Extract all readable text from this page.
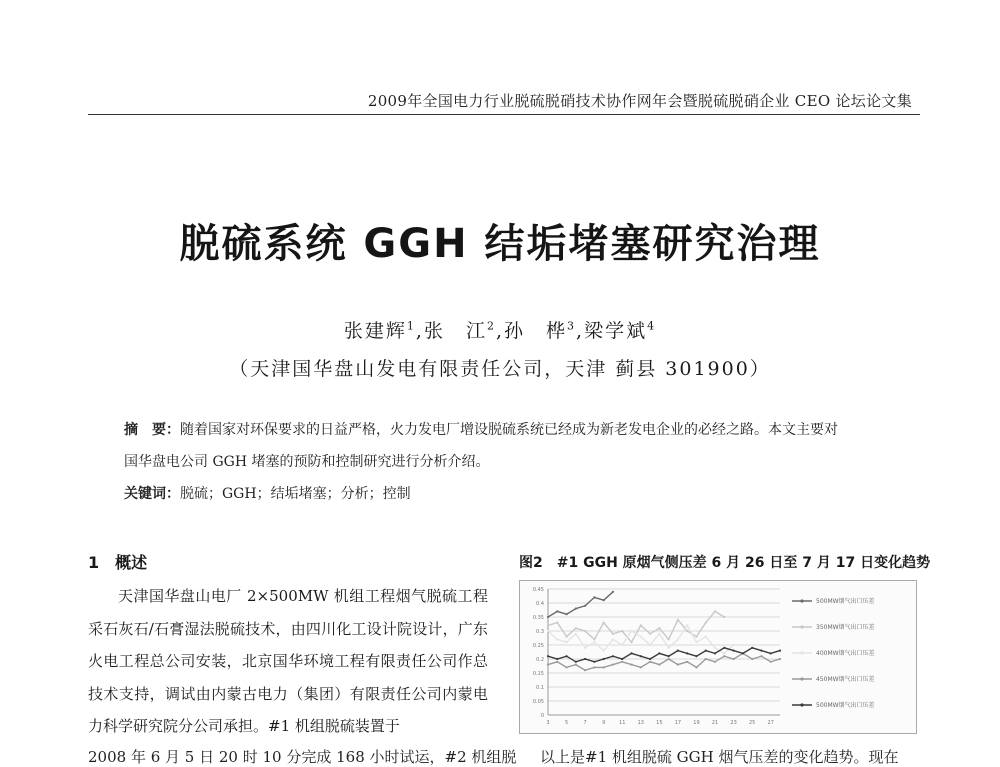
2009年全国电力行业脱硫脱硝技术协作网年会暨脱硫脱硝企业 CEO 论坛论文集
脱硫系统 GGH 结垢堵塞研究治理
张建辉$^1$,张　江$^2$,孙　桦$^3$,梁学斌$^4$
（天津国华盘山发电有限责任公司，天津 蓟县 301900）

摘　要：随着国家对环保要求的日益严格，火力发电厂增设脱硫系统已经成为新老发电企业的必经之路。本文主要对

国华盘电公司 GGH 堵塞的预防和控制研究进行分析介绍。

关键词：脱硫；GGH；结垢堵塞；分析；控制

1 概述

天津国华盘山电厂 2×500MW 机组工程烟气脱硫工程采石灰石/石膏湿法脱硫技术，由四川化工设计院设计，广东火电工程总公司安装，北京国华环境工程有限责任公司作总技术支持，调试由内蒙古电力（集团）有限责任公司内蒙电力科学研究院分公司承担。#1 机组脱硫装置于

2008 年 6 月 5 日 20 时 10 分完成 168 小时试运，#2 机组脱 以上是#1 机组脱硫 GGH 烟气压差的变化趋势。现在
图2　#1 GGH 原烟气侧压差 6 月 26 日至 7 月 17 日变化趋势
0
0.05
0.1
0.15
0.2
0.25
0.3
0.35
0.4
0.45
3	5	7	9	11 13 15 17 19 21 23 25 27
500MW烟气出口压差
350MW烟气出口压差
400MW烟气出口压差
450MW烟气出口压差
500MW烟气出口压差
